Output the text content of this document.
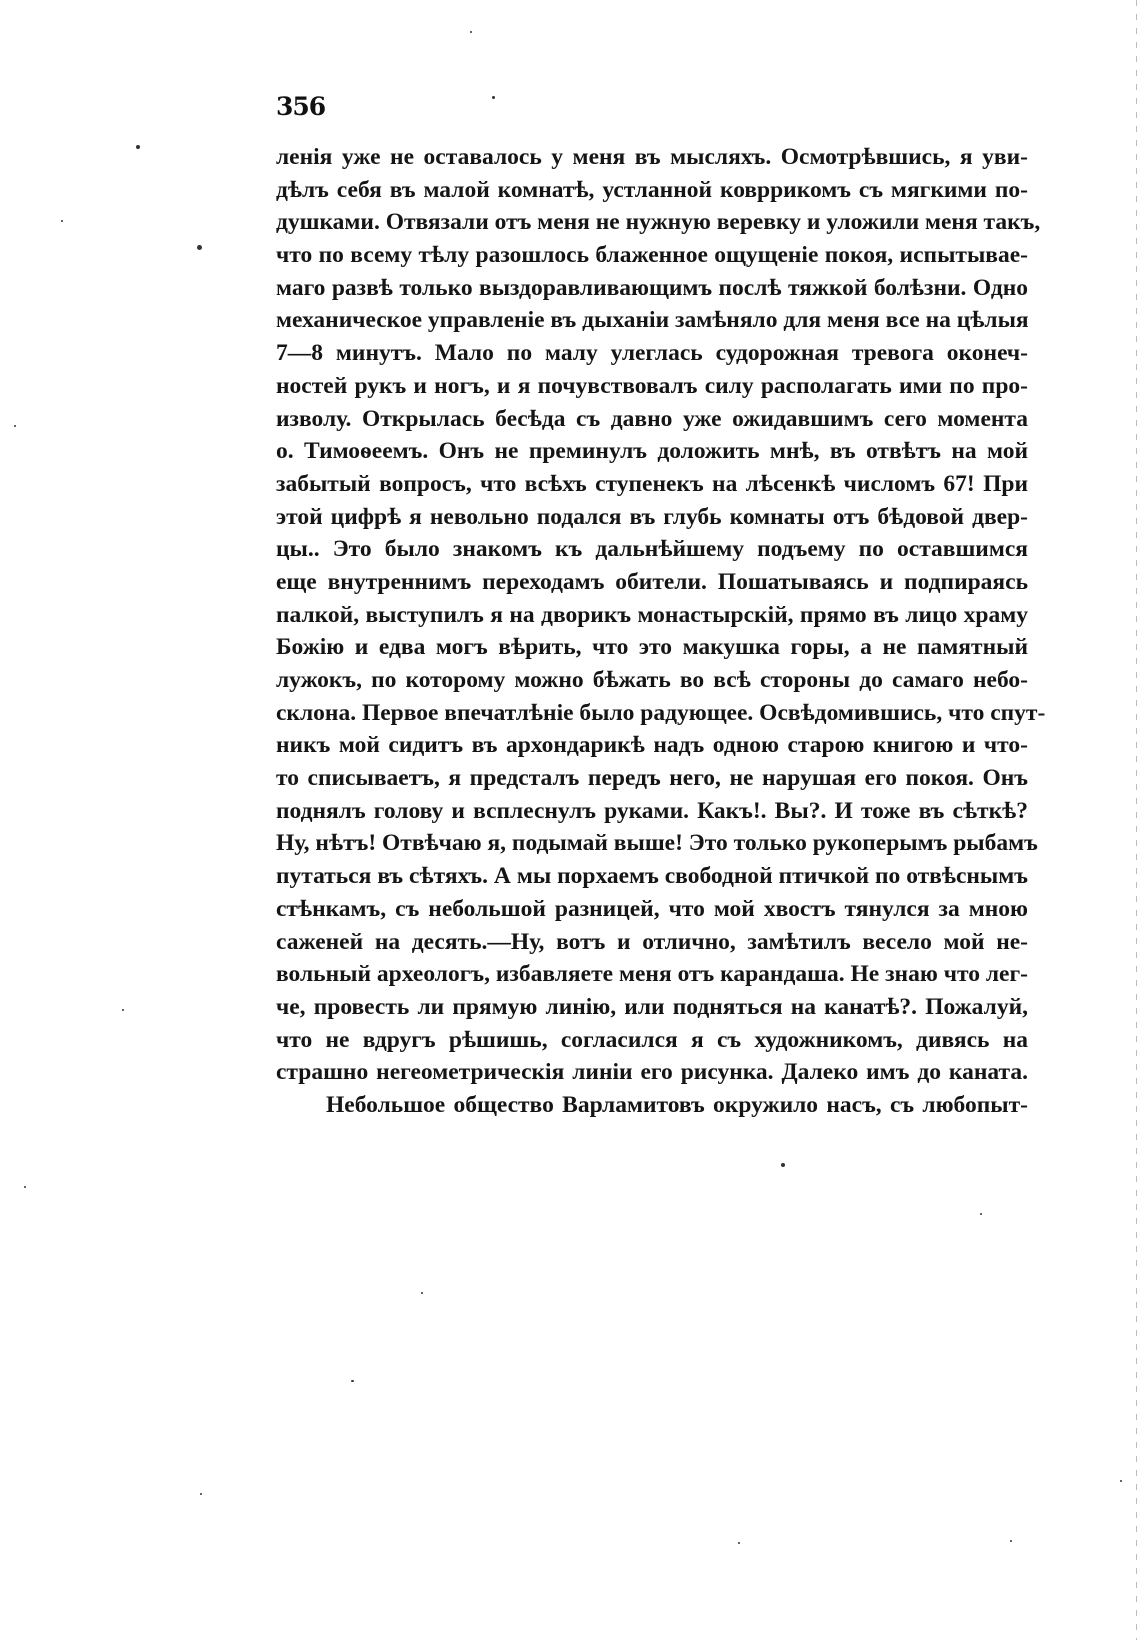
356
ленія уже не оставалось у меня въ мысляхъ. Осмотрѣвшись, я уви-
дѣлъ себя въ малой комнатѣ, устланной ковррикомъ съ мягкими по-
душками. Отвязали отъ меня не нужную веревку и уложили меня такъ,
что по всему тѣлу разошлось блаженное ощущеніе покоя, испытывае-
маго развѣ только выздоравливающимъ послѣ тяжкой болѣзни. Одно
механическое управленіе въ дыханіи замѣняло для меня все на цѣлыя
7—8 минутъ. Мало по малу улеглась судорожная тревога оконеч-
ностей рукъ и ногъ, и я почувствовалъ силу располагать ими по про-
изволу. Открылась бесѣда съ давно уже ожидавшимъ сего момента
о. Тимоѳеемъ. Онъ не преминулъ доложить мнѣ, въ отвѣтъ на мой
забытый вопросъ, что всѣхъ ступенекъ на лѣсенкѣ числомъ 67! При
этой цифрѣ я невольно подался въ глубь комнаты отъ бѣдовой двер-
цы.. Это было знакомъ къ дальнѣйшему подъему по оставшимся
еще внутреннимъ переходамъ обители. Пошатываясь и подпираясь
палкой, выступилъ я на дворикъ монастырскій, прямо въ лицо храму
Божію и едва могъ вѣрить, что это макушка горы, а не памятный
лужокъ, по которому можно бѣжать во всѣ стороны до самаго небо-
склона. Первое впечатлѣніе было радующее. Освѣдомившись, что спут-
никъ мой сидитъ въ архондарикѣ надъ одною старою книгою и что-
то списываетъ, я предсталъ передъ него, не нарушая его покоя. Онъ
поднялъ голову и всплеснулъ руками. Какъ!. Вы?. И тоже въ сѣткѣ?
Ну, нѣтъ! Отвѣчаю я, подымай выше! Это только рукоперымъ рыбамъ
путаться въ сѣтяхъ. А мы порхаемъ свободной птичкой по отвѣснымъ
стѣнкамъ, съ небольшой разницей, что мой хвостъ тянулся за мною
саженей на десять.—Ну, вотъ и отлично, замѣтилъ весело мой не-
вольный археологъ, избавляете меня отъ карандаша. Не знаю что лег-
че, провесть ли прямую линію, или подняться на канатѣ?. Пожалуй,
что не вдругъ рѣшишь, согласился я съ художникомъ, дивясь на
страшно негеометрическія линіи его рисунка. Далеко имъ до каната.
Небольшое общество Варламитовъ окружило насъ, съ любопыт-
